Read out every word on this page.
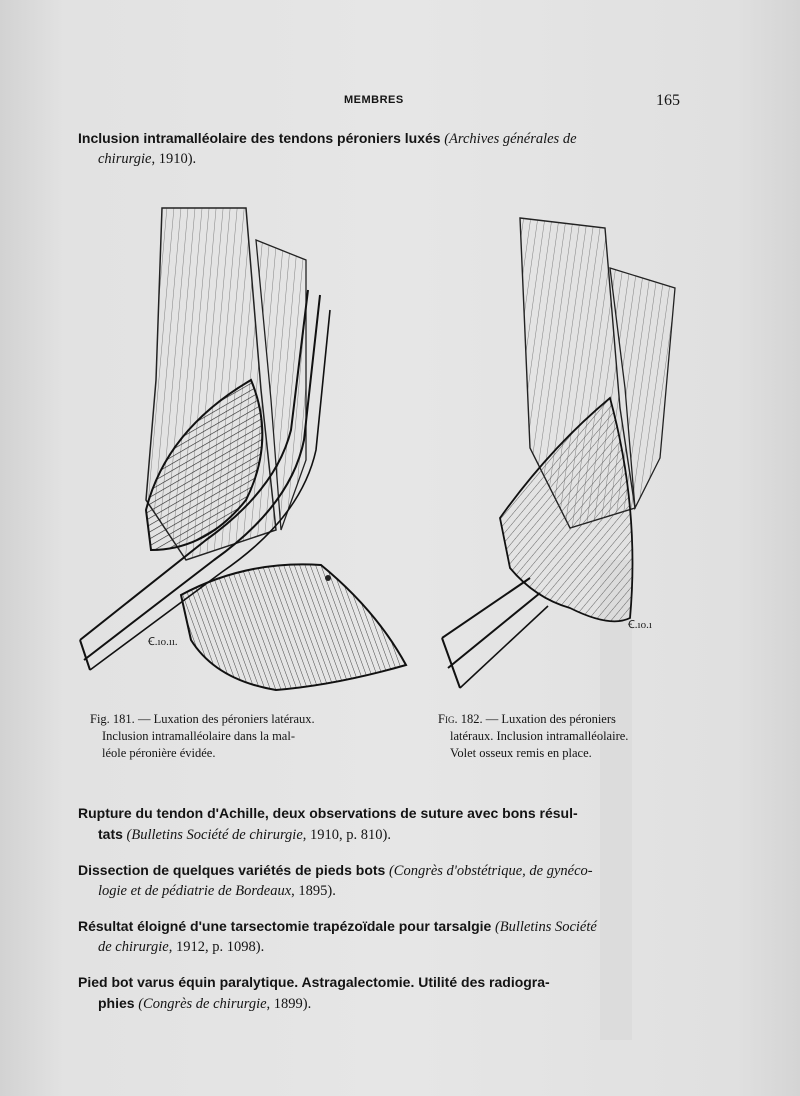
MEMBRES	165
Inclusion intramalléolaire des tendons péroniers luxés (Archives générales de
chirurgie, 1910).
Ꞓ.ıo.ıı.
Ꞓ.ıo.ı
Fig. 181. — Luxation des péroniers latéraux.
Inclusion intramalléolaire dans la mal-
léole péronière évidée.
Fig. 182. — Luxation des péroniers
latéraux. Inclusion intramalléolaire.
Volet osseux remis en place.
Rupture du tendon d'Achille, deux observations de suture avec bons résul-
tats (Bulletins Société de chirurgie, 1910, p. 810).
Dissection de quelques variétés de pieds bots (Congrès d'obstétrique, de gynéco-
logie et de pédiatrie de Bordeaux, 1895).
Résultat éloigné d'une tarsectomie trapézoïdale pour tarsalgie (Bulletins Société
de chirurgie, 1912, p. 1098).
Pied bot varus équin paralytique. Astragalectomie. Utilité des radiogra-
phies (Congrès de chirurgie, 1899).
